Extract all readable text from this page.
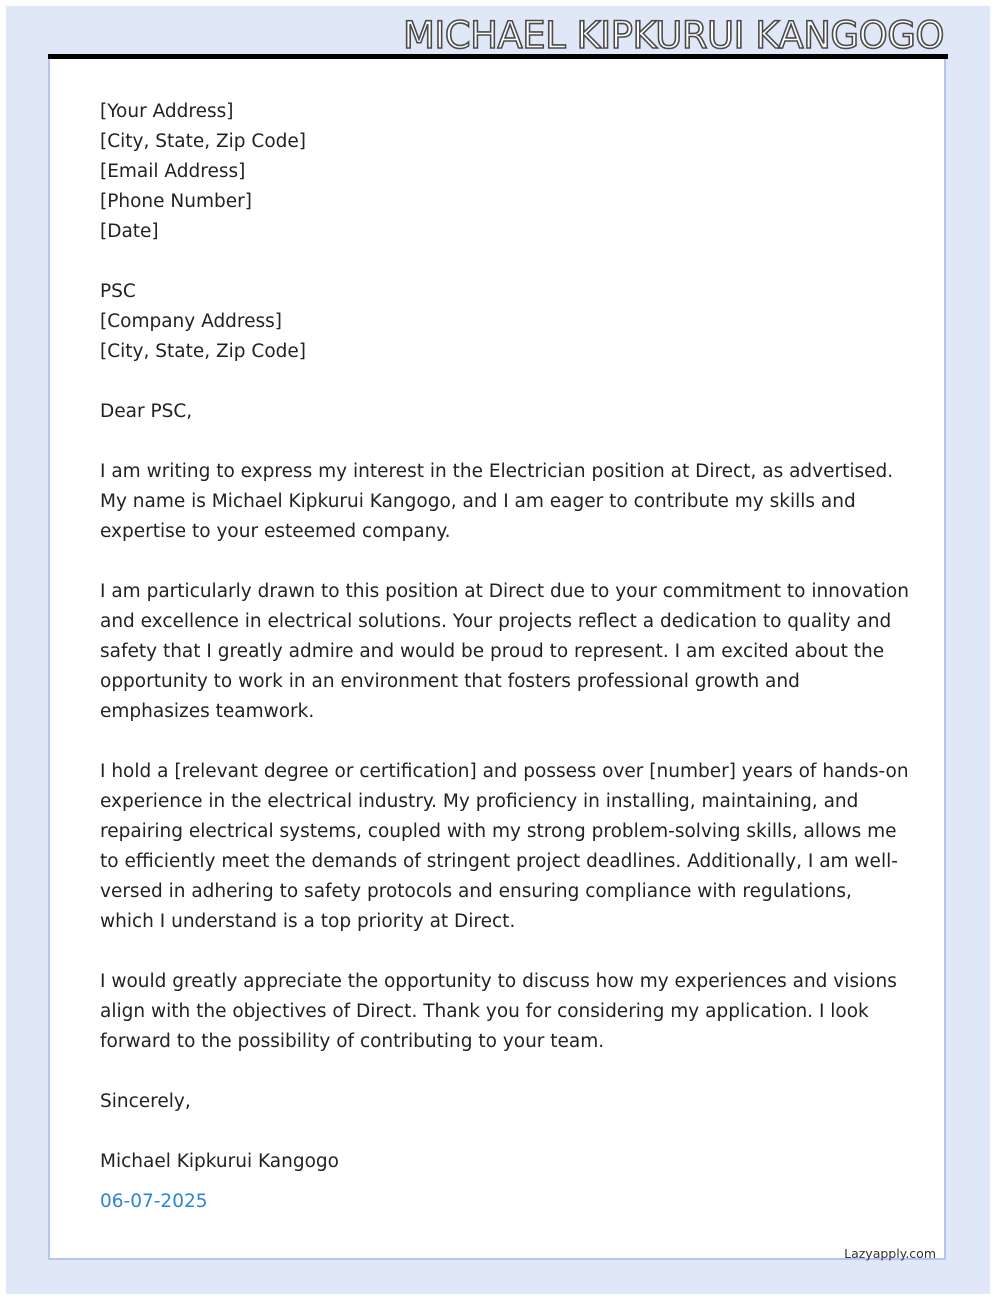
MICHAEL KIPKURUI KANGOGO
[Your Address]
[City, State, Zip Code]
[Email Address]
[Phone Number]
[Date]
PSC
[Company Address]
[City, State, Zip Code]

Dear PSC,

I am writing to express my interest in the Electrician position at Direct, as advertised. My name is Michael Kipkurui Kangogo, and I am eager to contribute my skills and expertise to your esteemed company.

I am particularly drawn to this position at Direct due to your commitment to innovation and excellence in electrical solutions. Your projects reflect a dedication to quality and safety that I greatly admire and would be proud to represent. I am excited about the opportunity to work in an environment that fosters professional growth and emphasizes teamwork.

I hold a [relevant degree or certification] and possess over [number] years of hands-on experience in the electrical industry. My proficiency in installing, maintaining, and repairing electrical systems, coupled with my strong problem-solving skills, allows me to efficiently meet the demands of stringent project deadlines. Additionally, I am well-versed in adhering to safety protocols and ensuring compliance with regulations, which I understand is a top priority at Direct.

I would greatly appreciate the opportunity to discuss how my experiences and visions align with the objectives of Direct. Thank you for considering my application. I look forward to the possibility of contributing to your team.

Sincerely,

Michael Kipkurui Kangogo

06-07-2025
Lazyapply.com
